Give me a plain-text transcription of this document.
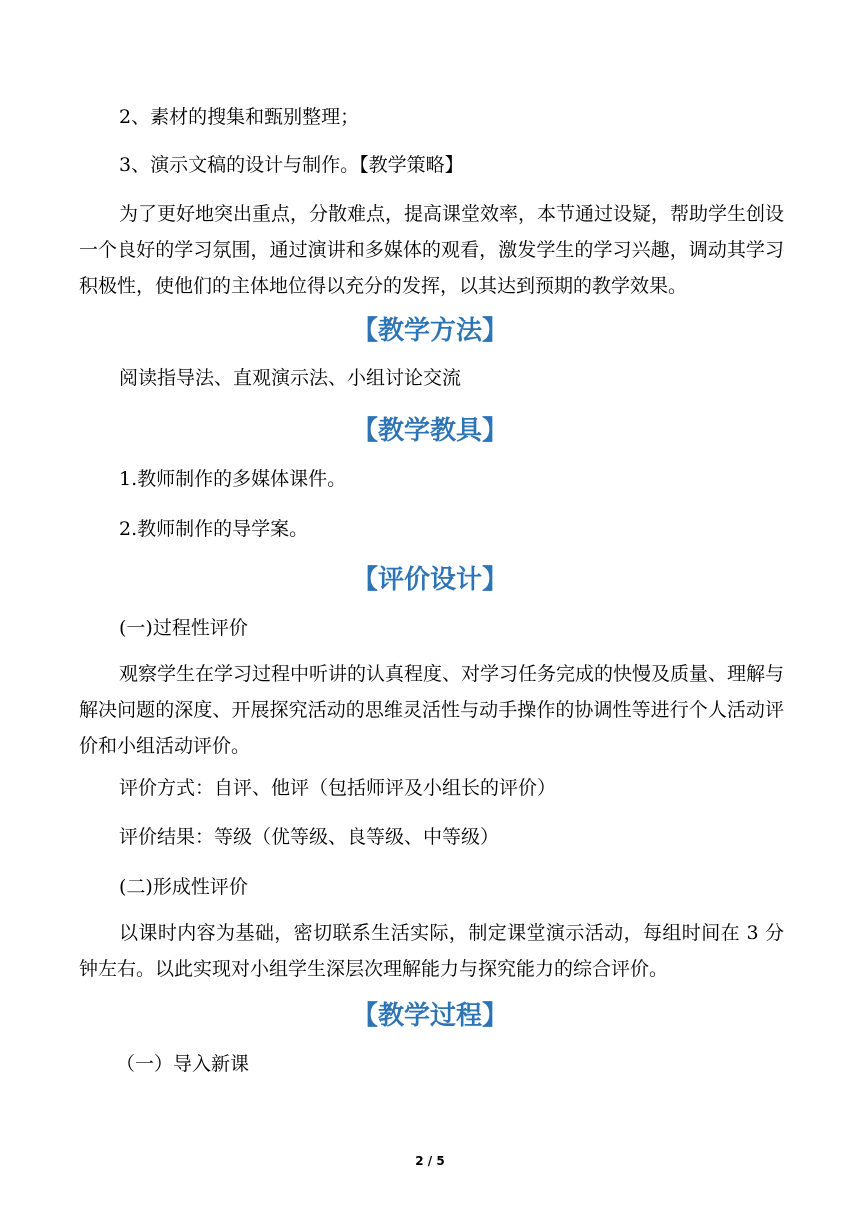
2、素材的搜集和甄别整理；

3、演示文稿的设计与制作。【教学策略】

为了更好地突出重点，分散难点，提高课堂效率，本节通过设疑，帮助学生创设一个良好的学习氛围，通过演讲和多媒体的观看，激发学生的学习兴趣，调动其学习积极性，使他们的主体地位得以充分的发挥，以其达到预期的教学效果。

【教学方法】

阅读指导法、直观演示法、小组讨论交流

【教学教具】

1.教师制作的多媒体课件。

2.教师制作的导学案。

【评价设计】

(一)过程性评价

观察学生在学习过程中听讲的认真程度、对学习任务完成的快慢及质量、理解与解决问题的深度、开展探究活动的思维灵活性与动手操作的协调性等进行个人活动评价和小组活动评价。

评价方式：自评、他评（包括师评及小组长的评价）

评价结果：等级（优等级、良等级、中等级）

(二)形成性评价

以课时内容为基础，密切联系生活实际，制定课堂演示活动，每组时间在 3 分钟左右。以此实现对小组学生深层次理解能力与探究能力的综合评价。

【教学过程】

（一）导入新课

2 / 5
